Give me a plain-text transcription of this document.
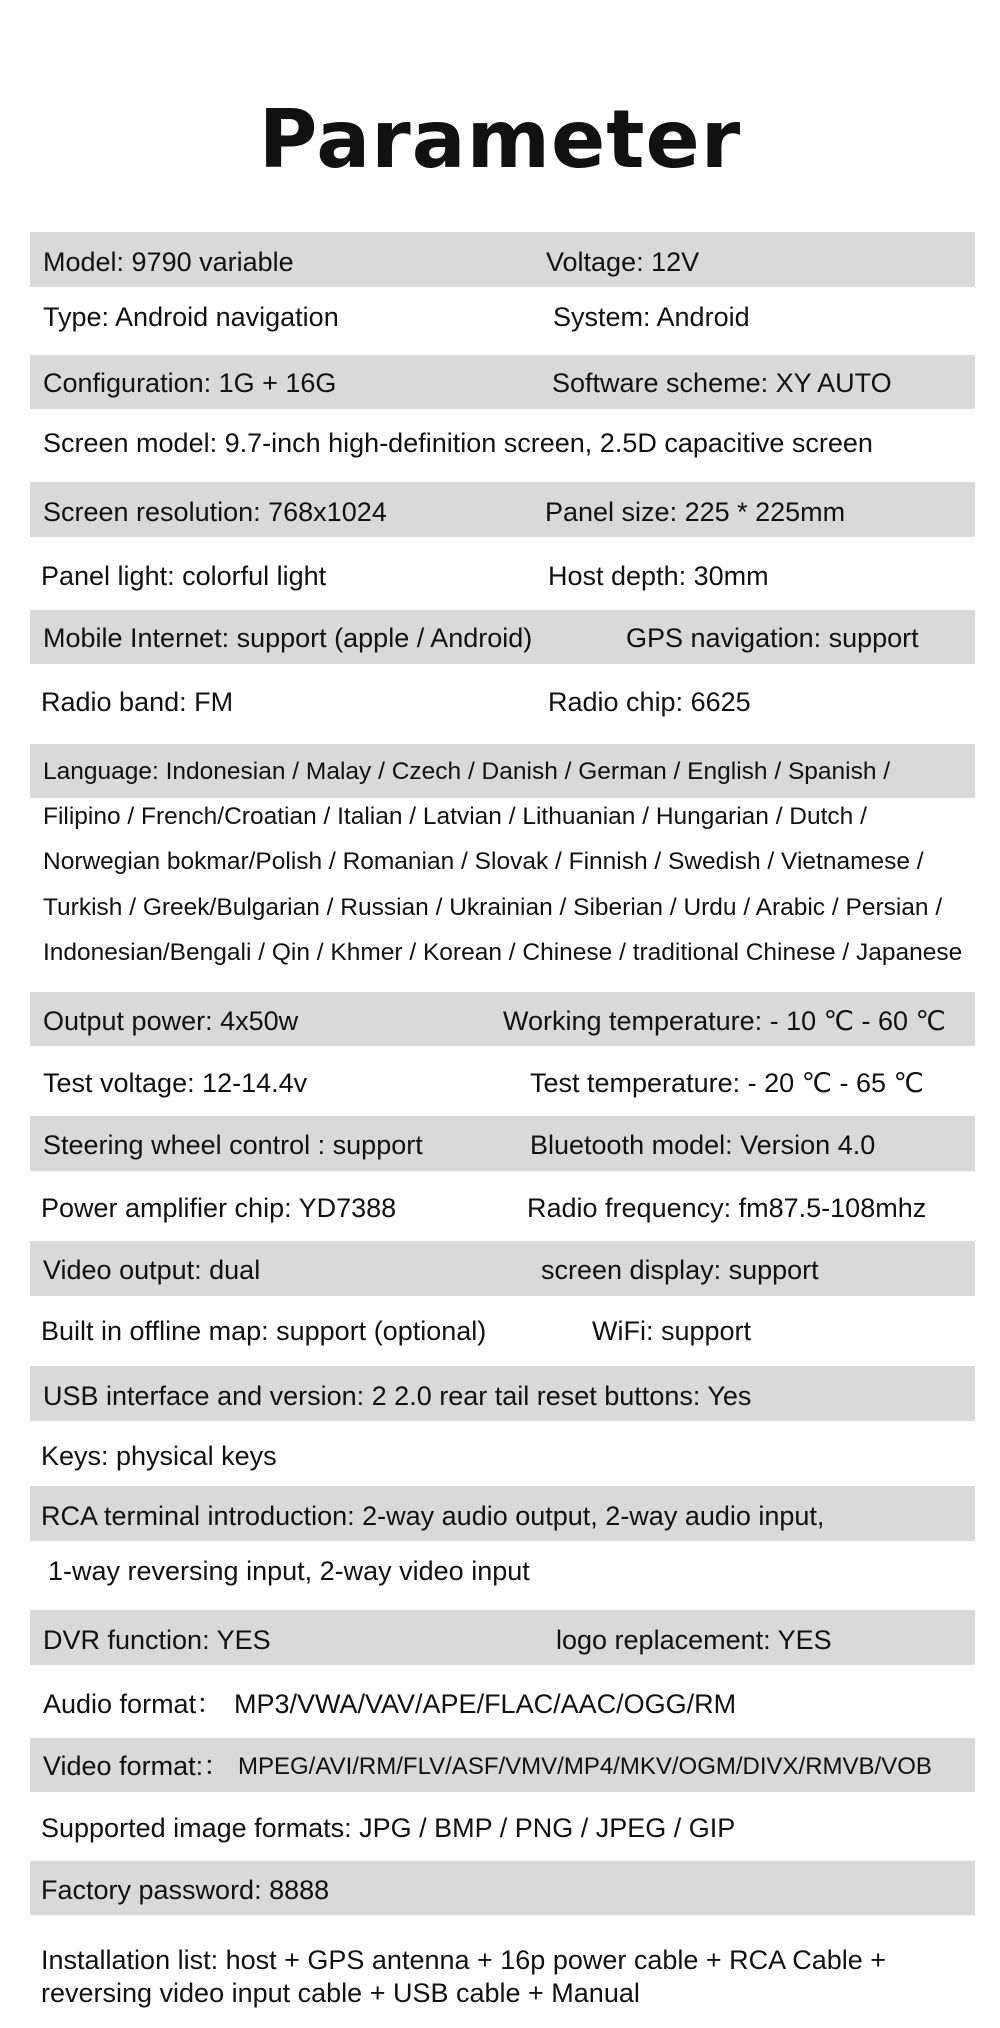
Parameter
Model: 9790 variable	Voltage: 12V
Type: Android navigation	System: Android
Configuration: 1G + 16G	Software scheme: XY AUTO
Screen model: 9.7-inch high-definition screen, 2.5D capacitive screen
Screen resolution: 768x1024	Panel size: 225 * 225mm
Panel light: colorful light	Host depth: 30mm
Mobile Internet: support (apple / Android)	GPS navigation: support
Radio band: FM	Radio chip: 6625
Language: Indonesian / Malay / Czech / Danish / German / English / Spanish /
Filipino / French/Croatian / Italian / Latvian / Lithuanian / Hungarian / Dutch /
Norwegian bokmar/Polish / Romanian / Slovak / Finnish / Swedish / Vietnamese /
Turkish / Greek/Bulgarian / Russian / Ukrainian / Siberian / Urdu / Arabic / Persian /
Indonesian/Bengali / Qin / Khmer / Korean / Chinese / traditional Chinese / Japanese
Output power: 4x50w	Working temperature: - 10 ℃ - 60 ℃
Test voltage: 12-14.4v	Test temperature: - 20 ℃ - 65 ℃
Steering wheel control : support	Bluetooth model: Version 4.0
Power amplifier chip: YD7388	Radio frequency: fm87.5-108mhz
Video output: dual	screen display: support
Built in offline map: support (optional)	WiFi: support
USB interface and version: 2 2.0 rear tail reset buttons: Yes
Keys: physical keys
RCA terminal introduction: 2-way audio output, 2-way audio input,
1-way reversing input, 2-way video input
DVR function: YES	logo replacement: YES
Audio format： MP3/VWA/VAV/APE/FLAC/AAC/OGG/RM
Video format:： MPEG/AVI/RM/FLV/ASF/VMV/MP4/MKV/OGM/DIVX/RMVB/VOB
Supported image formats: JPG / BMP / PNG / JPEG / GIP
Factory password: 8888
Installation list: host + GPS antenna + 16p power cable + RCA Cable +
reversing video input cable + USB cable + Manual
